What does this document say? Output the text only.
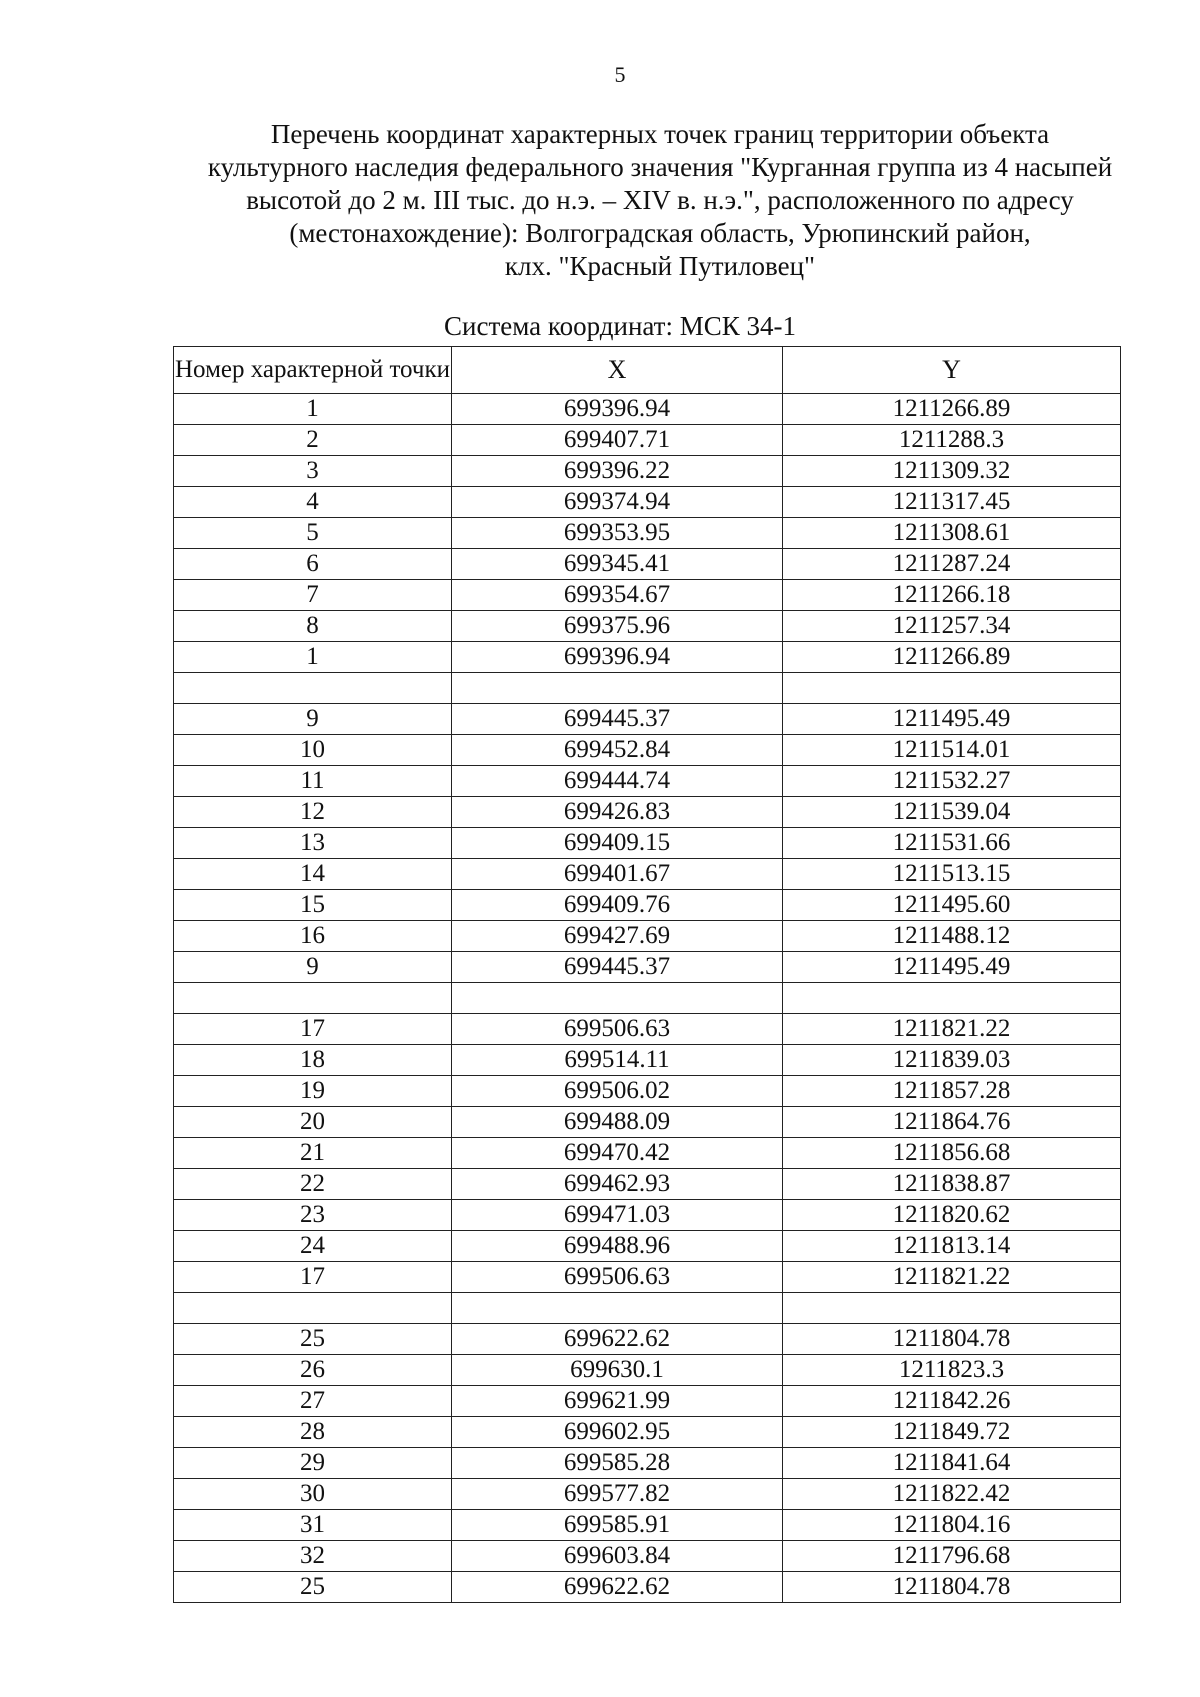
5
Перечень координат характерных точек границ территории объекта
культурного наследия федерального значения "Курганная группа из 4 насыпей
высотой до 2 м. III тыс. до н.э. – XIV в. н.э.", расположенного по адресу
(местонахождение): Волгоградская область, Урюпинский район,
клх. "Красный Путиловец"
Система координат: МСК 34-1
Номер характерной точки	X	Y
1	699396.94	1211266.89
2	699407.71	1211288.3
3	699396.22	1211309.32
4	699374.94	1211317.45
5	699353.95	1211308.61
6	699345.41	1211287.24
7	699354.67	1211266.18
8	699375.96	1211257.34
1	699396.94	1211266.89

9	699445.37	1211495.49
10	699452.84	1211514.01
11	699444.74	1211532.27
12	699426.83	1211539.04
13	699409.15	1211531.66
14	699401.67	1211513.15
15	699409.76	1211495.60
16	699427.69	1211488.12
9	699445.37	1211495.49

17	699506.63	1211821.22
18	699514.11	1211839.03
19	699506.02	1211857.28
20	699488.09	1211864.76
21	699470.42	1211856.68
22	699462.93	1211838.87
23	699471.03	1211820.62
24	699488.96	1211813.14
17	699506.63	1211821.22

25	699622.62	1211804.78
26	699630.1	1211823.3
27	699621.99	1211842.26
28	699602.95	1211849.72
29	699585.28	1211841.64
30	699577.82	1211822.42
31	699585.91	1211804.16
32	699603.84	1211796.68
25	699622.62	1211804.78
